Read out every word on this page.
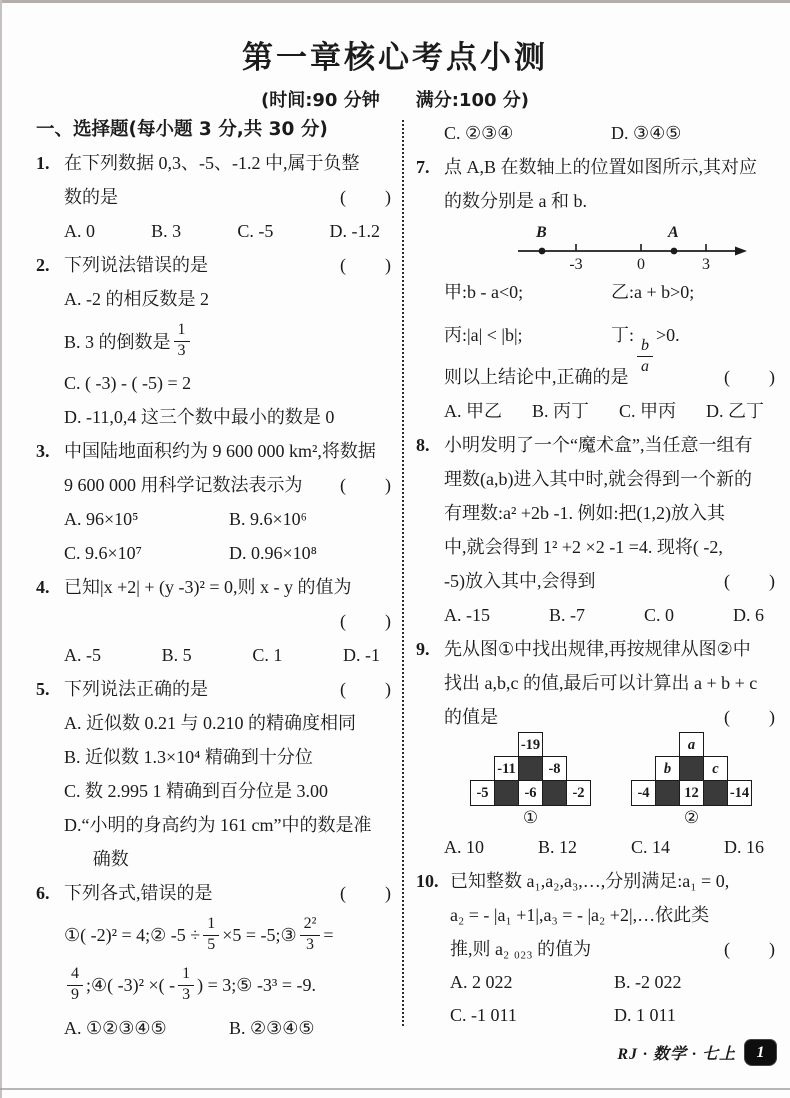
第一章核心考点小测
(时间:90 分钟　　满分:100 分)
一、选择题(每小题 3 分,共 30 分)
1. 在下列数据 0,3、-5、-1.2 中,属于负整
数的是	(　　)
A. 0	B. 3	C. -5	D. -1.2
2. 下列说法错误的是	(　　)
A. -2 的相反数是 2
B. 3 的倒数是 $\frac{1}{3}$
C. ( -3) - ( -5) = 2
D. -11,0,4 这三个数中最小的数是 0
3. 中国陆地面积约为 9 600 000 km²,将数据
9 600 000 用科学记数法表示为 (　　)
A. 96×10⁵	B. 9.6×10⁶
C. 9.6×10⁷	D. 0.96×10⁸
4. 已知|x +2| + (y -3)² = 0,则 x - y 的值为
(　　)
A. -5	B. 5	C. 1	D. -1
5. 下列说法正确的是	(　　)
A. 近似数 0.21 与 0.210 的精确度相同
B. 近似数 1.3×10⁴ 精确到十分位
C. 数 2.995 1 精确到百分位是 3.00
D.“小明的身高约为 161 cm”中的数是准
确数
6. 下列各式,错误的是	(　　)
①( -2)² = 4;② $-5 \div \frac{1}{5} \times 5$ = -5;③ $\frac{\text{2²}}{3}$ =
$\frac{4}{9}$ ;④( -3)² ×( - $\frac{1}{3}$ ) = 3;⑤ -3³ = -9.
A. ①②③④⑤	B. ②③④⑤
C. ②③④	D. ③④⑤
7. 点 A,B 在数轴上的位置如图所示,其对应
的数分别是 a 和 b.
B	A
-3	0	3
甲:b - a<0;	乙:a + b>0;
丙:|a| < |b|;	丁:
$\frac{b}{a}$
>0.
则以上结论中,正确的是	(　　)
A. 甲乙 B. 丙丁 C. 甲丙 D. 乙丁
8. 小明发明了一个“魔术盒”,当任意一组有
理数(a,b)进入其中时,就会得到一个新的
有理数:a² +2b -1. 例如:把(1,2)放入其
中,就会得到 1² +2 ×2 -1 =4. 现将( -2,
-5)放入其中,会得到	(　　)
A. -15	B. -7	C. 0	D. 6
9. 先从图①中找出规律,再按规律从图②中
找出 a,b,c 的值,最后可以计算出 a + b + c
的值是	(　　)
-19
-11	-8
-5	-6	-2
①
a
b	c
-4	12	-14
②
A. 10	B. 12	C. 14	D. 16
10. 已知整数 a₁,a₂,a₃,…,分别满足:a₁ = 0,
a₂ = - |a₁ +1|,a₃ = - |a₂ +2|,…依此类
推,则 a₂ ₀₂₃ 的值为	(　　)
A. 2 022	B. -2 022
C. -1 011	D. 1 011
RJ · 数学 · 七上	1
